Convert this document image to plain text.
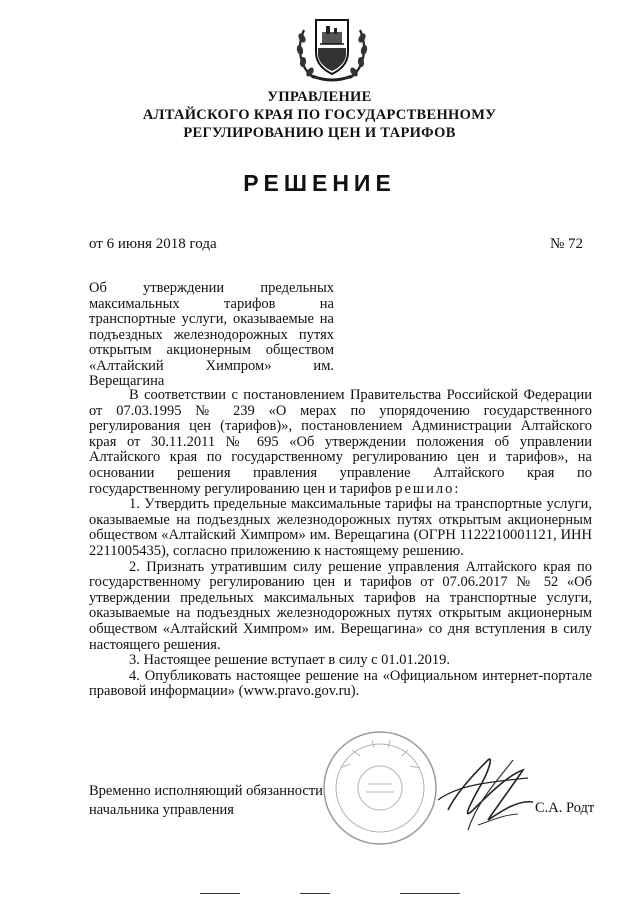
УПРАВЛЕНИЕ
АЛТАЙСКОГО КРАЯ ПО ГОСУДАРСТВЕННОМУ
РЕГУЛИРОВАНИЮ ЦЕН И ТАРИФОВ
РЕШЕНИЕ
от 6 июня 2018 года	№ 72
Об утверждении предельных максимальных тарифов на транспортные услуги, оказываемые на подъездных железнодорожных путях открытым акционерным обществом «Алтайский Химпром» им. Верещагина

В соответствии с постановлением Правительства Российской Федерации от 07.03.1995 № 239 «О мерах по упорядочению государственного регулирования цен (тарифов)», постановлением Администрации Алтайского края от 30.11.2011 № 695 «Об утверждении положения об управлении Алтайского края по государственному регулированию цен и тарифов», на основании решения правления управление Алтайского края по государственному регулированию цен и тарифов решило:

1. Утвердить предельные максимальные тарифы на транспортные услуги, оказываемые на подъездных железнодорожных путях открытым акционерным обществом «Алтайский Химпром» им. Верещагина (ОГРН 1122210001121, ИНН 2211005435), согласно приложению к настоящему решению.

2. Признать утратившим силу решение управления Алтайского края по государственному регулированию цен и тарифов от 07.06.2017 № 52 «Об утверждении предельных максимальных тарифов на транспортные услуги, оказываемые на подъездных железнодорожных путях открытым акционерным обществом «Алтайский Химпром» им. Верещагина» со дня вступления в силу настоящего решения.

3. Настоящее решение вступает в силу с 01.01.2019.

4. Опубликовать настоящее решение на «Официальном интернет-портале правовой информации» (www.pravo.gov.ru).

Временно исполняющий обязанности
начальника управления	С.А. Родт
